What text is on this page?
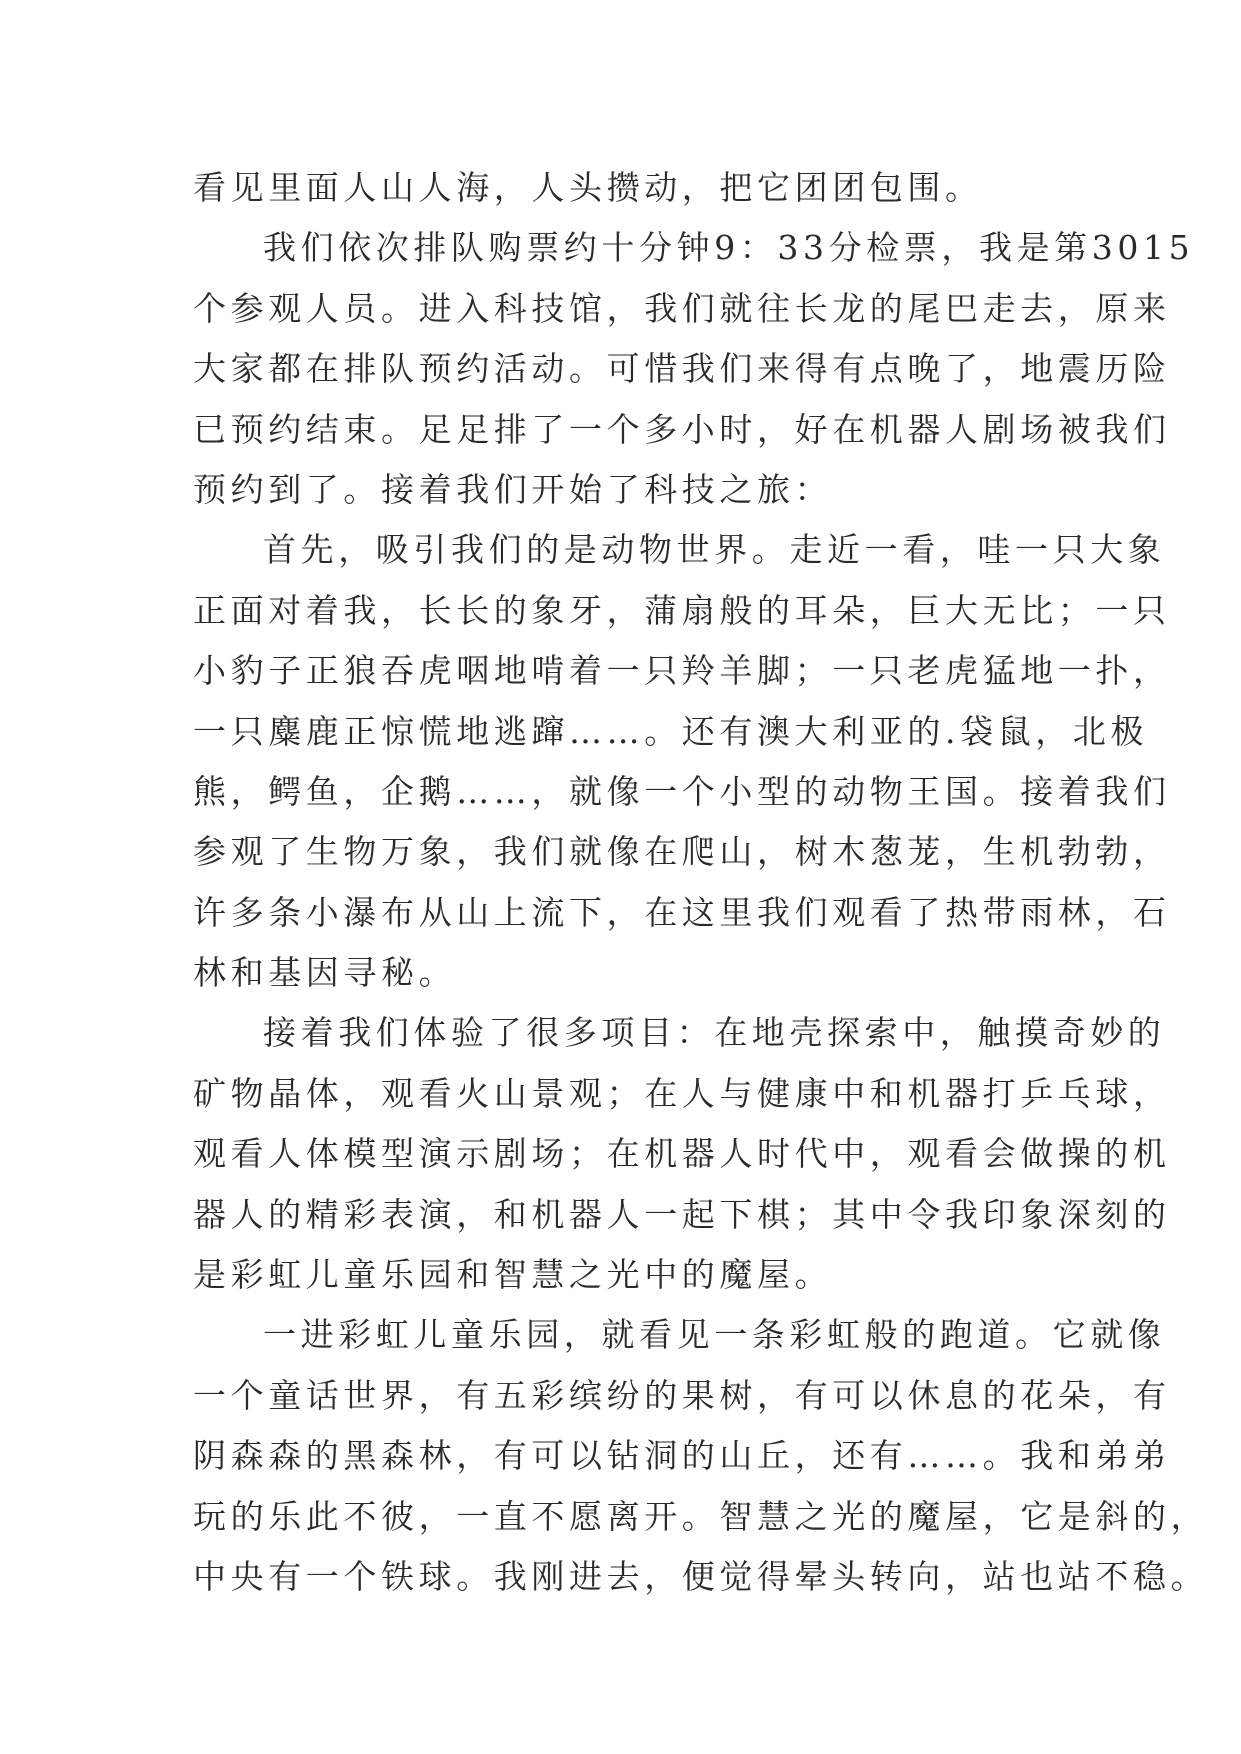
看见里面人山人海，人头攒动，把它团团包围。
我们依次排队购票约十分钟9：33分检票，我是第3015
个参观人员。进入科技馆，我们就往长龙的尾巴走去，原来
大家都在排队预约活动。可惜我们来得有点晚了，地震历险
已预约结束。足足排了一个多小时，好在机器人剧场被我们
预约到了。接着我们开始了科技之旅：
首先，吸引我们的是动物世界。走近一看，哇一只大象
正面对着我，长长的象牙，蒲扇般的耳朵，巨大无比；一只
小豹子正狼吞虎咽地啃着一只羚羊脚；一只老虎猛地一扑，
一只麋鹿正惊慌地逃蹿……。还有澳大利亚的.袋鼠，北极
熊，鳄鱼，企鹅……，就像一个小型的动物王国。接着我们
参观了生物万象，我们就像在爬山，树木葱茏，生机勃勃，
许多条小瀑布从山上流下，在这里我们观看了热带雨林，石
林和基因寻秘。
接着我们体验了很多项目：在地壳探索中，触摸奇妙的
矿物晶体，观看火山景观；在人与健康中和机器打乒乓球，
观看人体模型演示剧场；在机器人时代中，观看会做操的机
器人的精彩表演，和机器人一起下棋；其中令我印象深刻的
是彩虹儿童乐园和智慧之光中的魔屋。
一进彩虹儿童乐园，就看见一条彩虹般的跑道。它就像
一个童话世界，有五彩缤纷的果树，有可以休息的花朵，有
阴森森的黑森林，有可以钻洞的山丘，还有……。我和弟弟
玩的乐此不彼，一直不愿离开。智慧之光的魔屋，它是斜的，
中央有一个铁球。我刚进去，便觉得晕头转向，站也站不稳。
